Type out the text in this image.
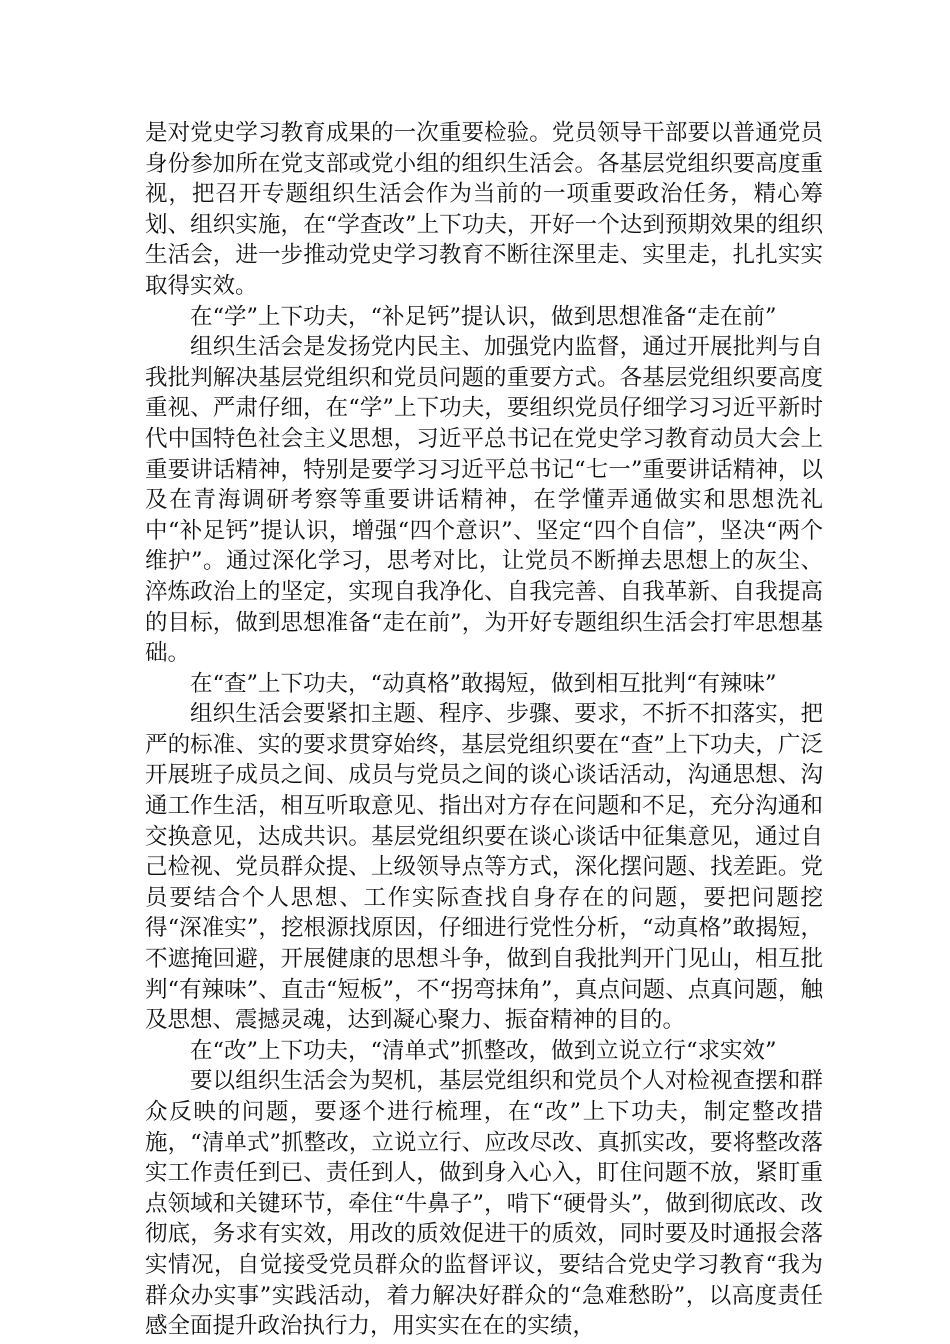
是对党史学习教育成果的一次重要检验。党员领导干部要以普通党员身份参加所在党支部或党小组的组织生活会。各基层党组织要高度重视，把召开专题组织生活会作为当前的一项重要政治任务，精心筹划、组织实施，在“学查改”上下功夫，开好一个达到预期效果的组织生活会，进一步推动党史学习教育不断往深里走、实里走，扎扎实实取得实效。

在“学”上下功夫，“补足钙”提认识，做到思想准备“走在前”

组织生活会是发扬党内民主、加强党内监督，通过开展批判与自我批判解决基层党组织和党员问题的重要方式。各基层党组织要高度重视、严肃仔细，在“学”上下功夫，要组织党员仔细学习习近平新时代中国特色社会主义思想，习近平总书记在党史学习教育动员大会上重要讲话精神，特别是要学习习近平总书记“七一”重要讲话精神，以及在青海调研考察等重要讲话精神，在学懂弄通做实和思想洗礼中“补足钙”提认识，增强“四个意识”、坚定“四个自信”，坚决“两个维护”。通过深化学习，思考对比，让党员不断掸去思想上的灰尘、淬炼政治上的坚定，实现自我净化、自我完善、自我革新、自我提高的目标，做到思想准备“走在前”，为开好专题组织生活会打牢思想基础。

在“查”上下功夫，“动真格”敢揭短，做到相互批判“有辣味”

组织生活会要紧扣主题、程序、步骤、要求，不折不扣落实，把严的标准、实的要求贯穿始终，基层党组织要在“查”上下功夫，广泛开展班子成员之间、成员与党员之间的谈心谈话活动，沟通思想、沟通工作生活，相互听取意见、指出对方存在问题和不足，充分沟通和交换意见，达成共识。基层党组织要在谈心谈话中征集意见，通过自己检视、党员群众提、上级领导点等方式，深化摆问题、找差距。党员要结合个人思想、工作实际查找自身存在的问题，要把问题挖得“深准实”，挖根源找原因，仔细进行党性分析，“动真格”敢揭短，不遮掩回避，开展健康的思想斗争，做到自我批判开门见山，相互批判“有辣味”、直击“短板”，不“拐弯抹角”，真点问题、点真问题，触及思想、震撼灵魂，达到凝心聚力、振奋精神的目的。

在“改”上下功夫，“清单式”抓整改，做到立说立行“求实效”

要以组织生活会为契机，基层党组织和党员个人对检视查摆和群众反映的问题，要逐个进行梳理，在“改”上下功夫，制定整改措施，“清单式”抓整改，立说立行、应改尽改、真抓实改，要将整改落实工作责任到已、责任到人，做到身入心入，盯住问题不放，紧盯重点领域和关键环节，牵住“牛鼻子”，啃下“硬骨头”，做到彻底改、改彻底，务求有实效，用改的质效促进干的质效，同时要及时通报会落实情况，自觉接受党员群众的监督评议，要结合党史学习教育“我为群众办实事”实践活动，着力解决好群众的“急难愁盼”，以高度责任感全面提升政治执行力，用实实在在的实绩，
